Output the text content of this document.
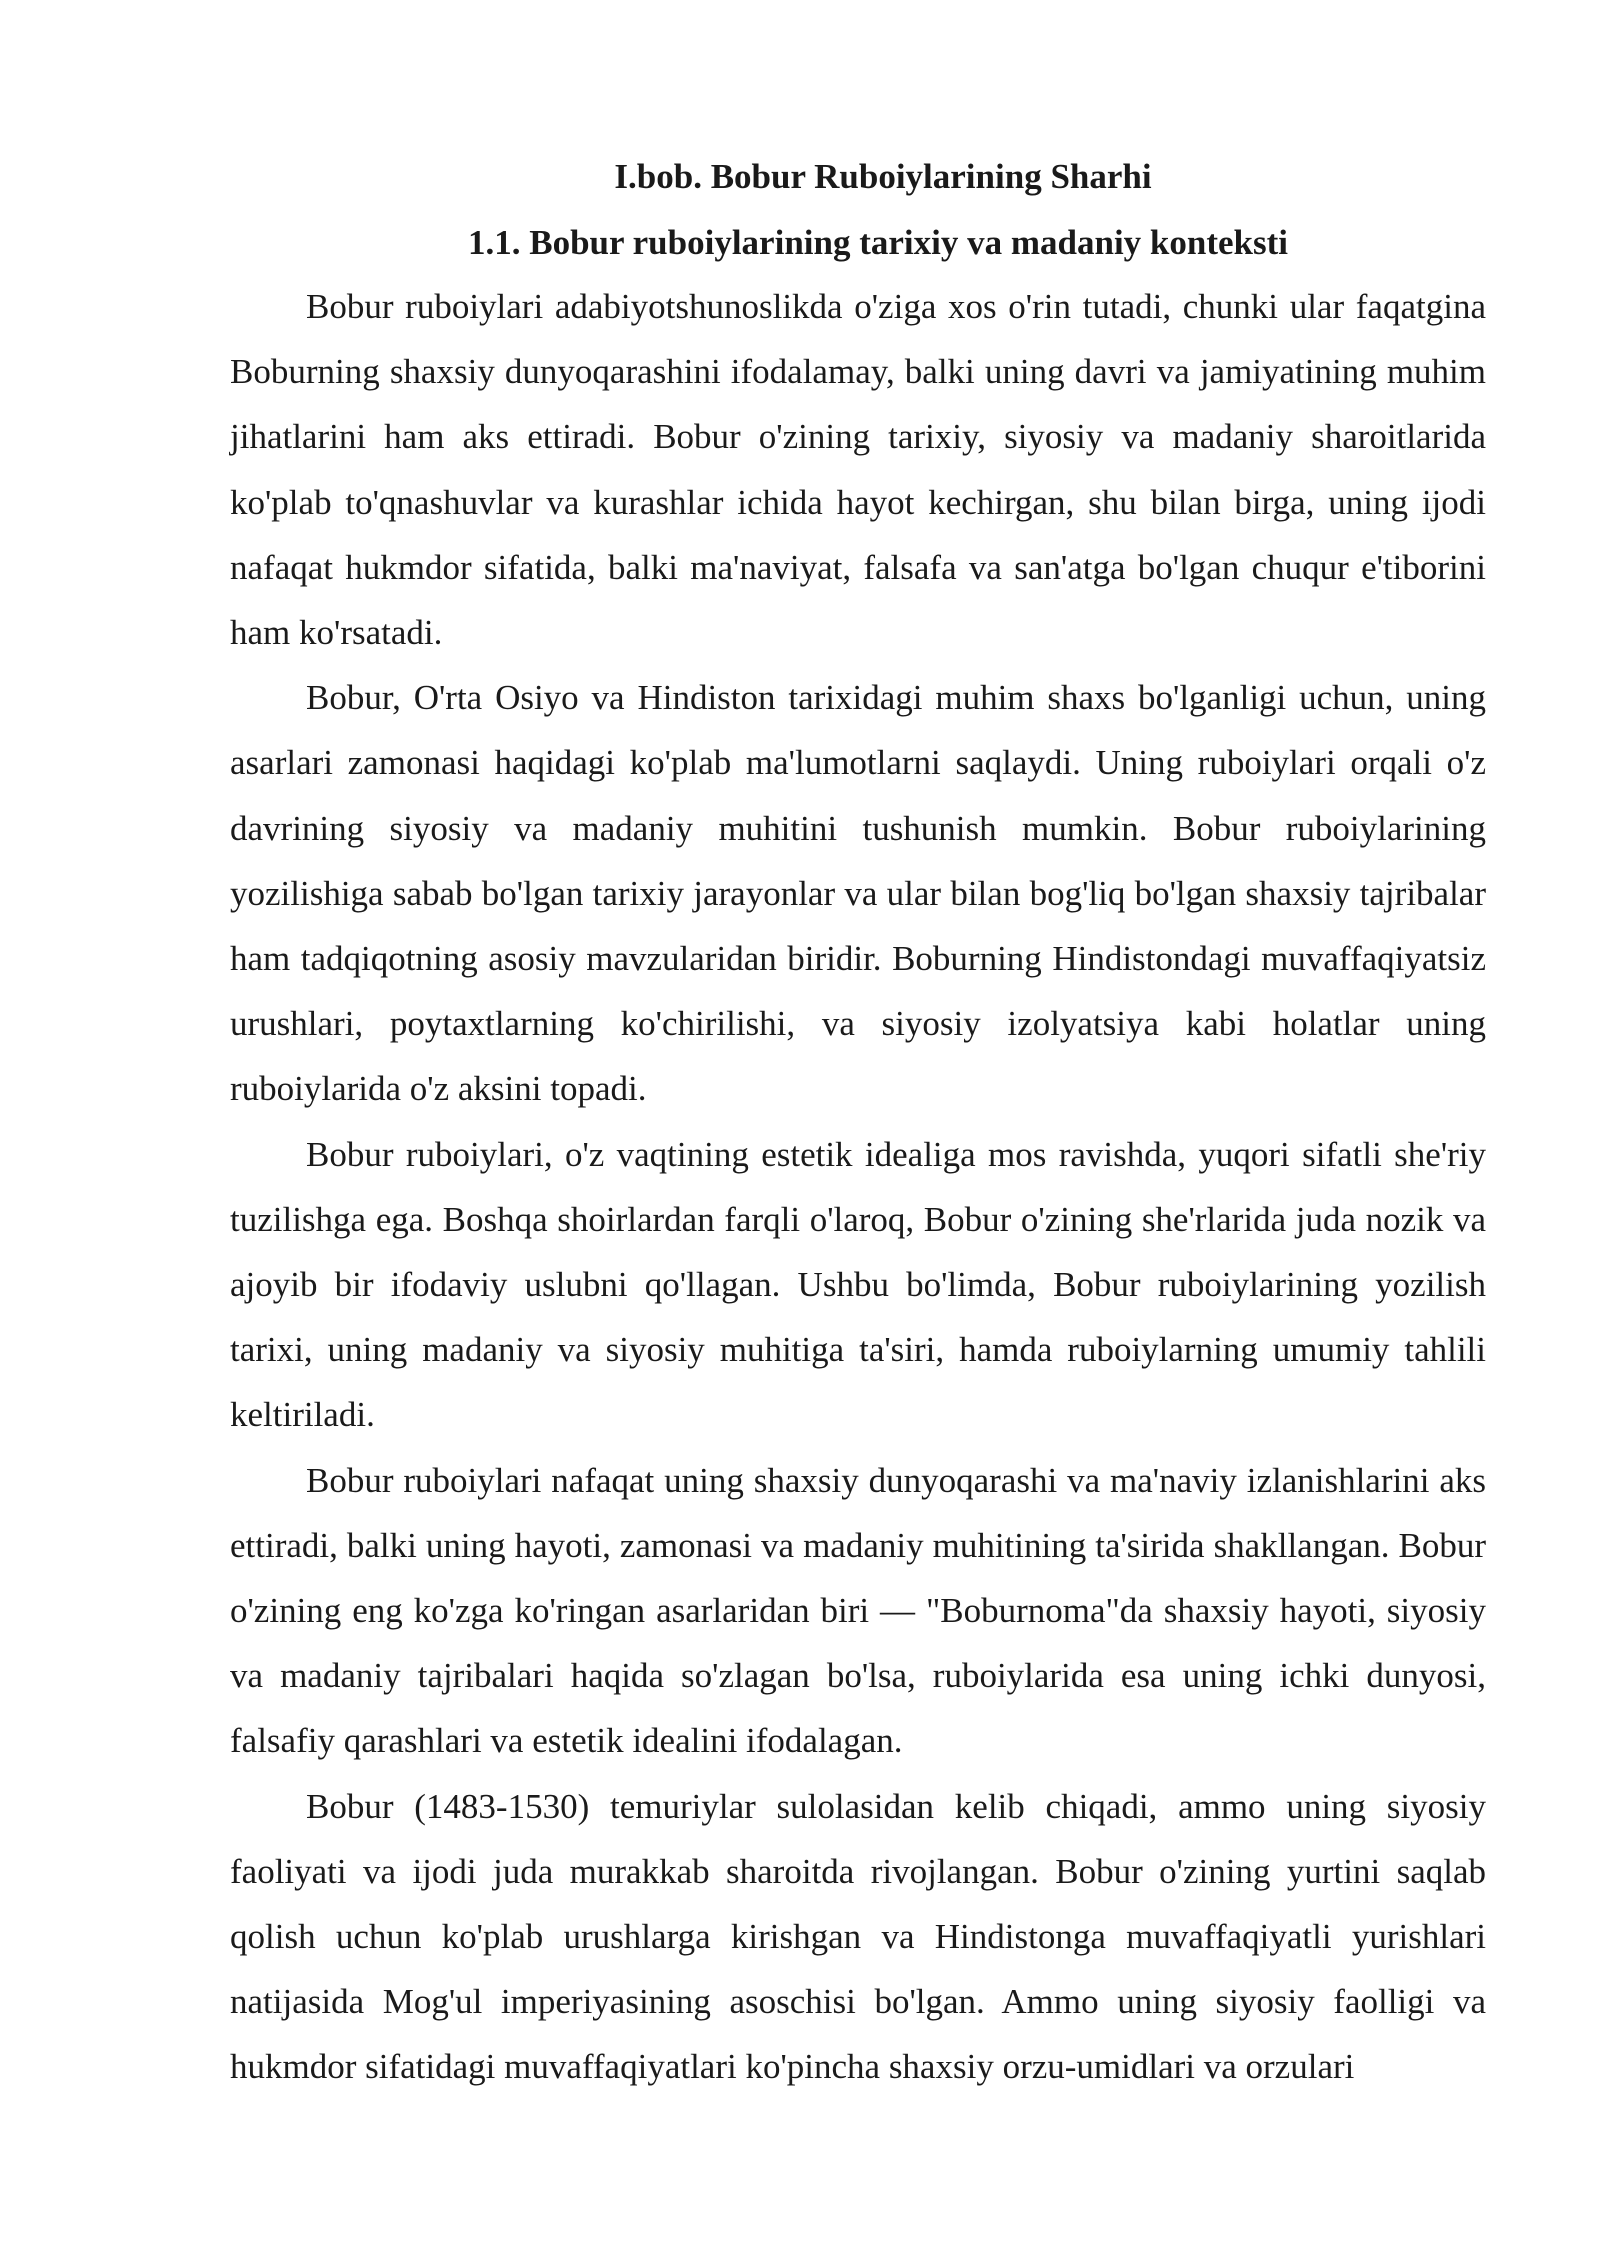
I.bob. Bobur Ruboiylarining Sharhi
1.1. Bobur ruboiylarining tarixiy va madaniy konteksti

Bobur ruboiylari adabiyotshunoslikda o'ziga xos o'rin tutadi, chunki ular faqatgina Boburning shaxsiy dunyoqarashini ifodalamay, balki uning davri va jamiyatining muhim jihatlarini ham aks ettiradi. Bobur o'zining tarixiy, siyosiy va madaniy sharoitlarida ko'plab to'qnashuvlar va kurashlar ichida hayot kechirgan, shu bilan birga, uning ijodi nafaqat hukmdor sifatida, balki ma'naviyat, falsafa va san'atga bo'lgan chuqur e'tiborini ham ko'rsatadi.

Bobur, O'rta Osiyo va Hindiston tarixidagi muhim shaxs bo'lganligi uchun, uning asarlari zamonasi haqidagi ko'plab ma'lumotlarni saqlaydi. Uning ruboiylari orqali o'z davrining siyosiy va madaniy muhitini tushunish mumkin. Bobur ruboiylarining yozilishiga sabab bo'lgan tarixiy jarayonlar va ular bilan bog'liq bo'lgan shaxsiy tajribalar ham tadqiqotning asosiy mavzularidan biridir. Boburning Hindistondagi muvaffaqiyatsiz urushlari, poytaxtlarning ko'chirilishi, va siyosiy izolyatsiya kabi holatlar uning ruboiylarida o'z aksini topadi.

Bobur ruboiylari, o'z vaqtining estetik idealiga mos ravishda, yuqori sifatli she'riy tuzilishga ega. Boshqa shoirlardan farqli o'laroq, Bobur o'zining she'rlarida juda nozik va ajoyib bir ifodaviy uslubni qo'llagan. Ushbu bo'limda, Bobur ruboiylarining yozilish tarixi, uning madaniy va siyosiy muhitiga ta'siri, hamda ruboiylarning umumiy tahlili keltiriladi.

Bobur ruboiylari nafaqat uning shaxsiy dunyoqarashi va ma'naviy izlanishlarini aks ettiradi, balki uning hayoti, zamonasi va madaniy muhitining ta'sirida shakllangan. Bobur o'zining eng ko'zga ko'ringan asarlaridan biri — "Boburnoma"da shaxsiy hayoti, siyosiy va madaniy tajribalari haqida so'zlagan bo'lsa, ruboiylarida esa uning ichki dunyosi, falsafiy qarashlari va estetik idealini ifodalagan.

Bobur (1483-1530) temuriylar sulolasidan kelib chiqadi, ammo uning siyosiy faoliyati va ijodi juda murakkab sharoitda rivojlangan. Bobur o'zining yurtini saqlab qolish uchun ko'plab urushlarga kirishgan va Hindistonga muvaffaqiyatli yurishlari natijasida Mog'ul imperiyasining asoschisi bo'lgan. Ammo uning siyosiy faolligi va hukmdor sifatidagi muvaffaqiyatlari ko'pincha shaxsiy orzu-umidlari va orzulari
